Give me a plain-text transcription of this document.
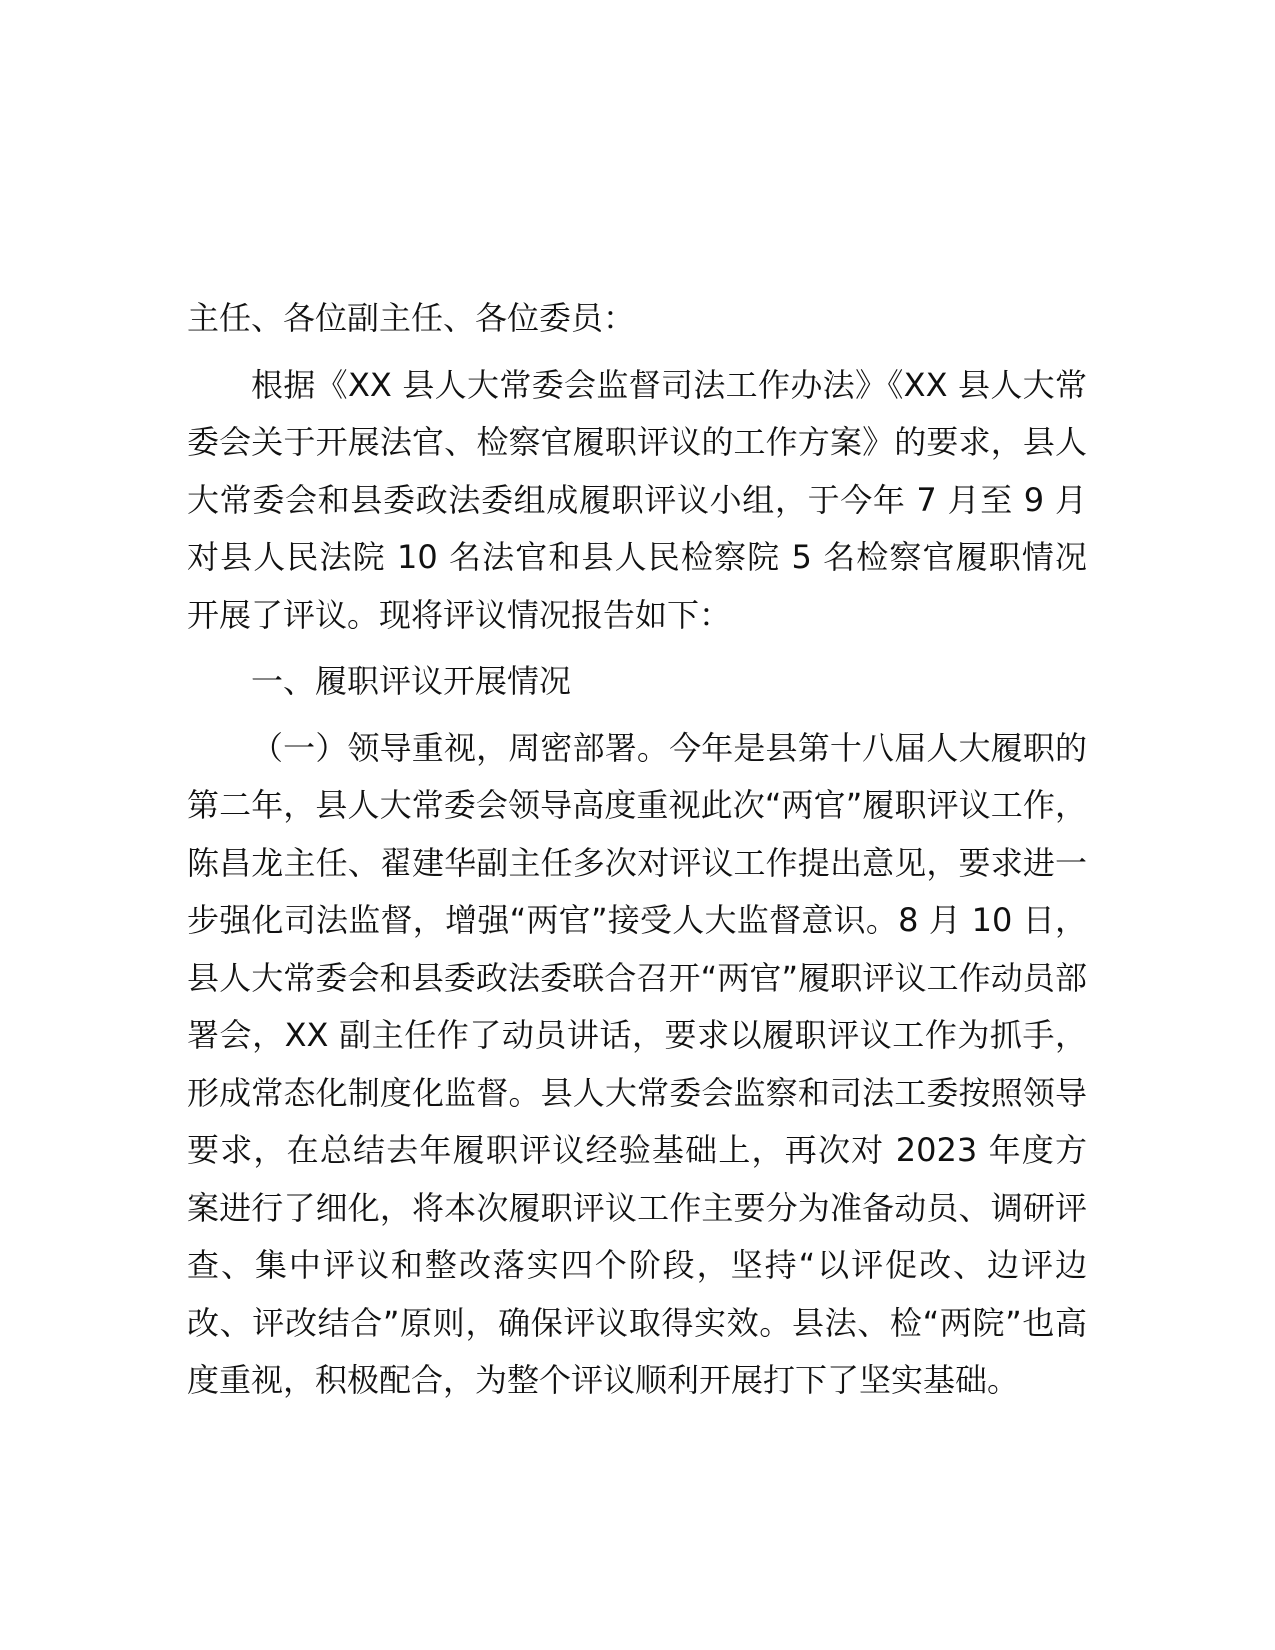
主任、各位副主任、各位委员：

根据《XX 县人大常委会监督司法工作办法》《XX 县人大常委会关于开展法官、检察官履职评议的工作方案》的要求，县人大常委会和县委政法委组成履职评议小组，于今年 7 月至 9 月对县人民法院 10 名法官和县人民检察院 5 名检察官履职情况开展了评议。现将评议情况报告如下：

一、履职评议开展情况

（一）领导重视，周密部署。今年是县第十八届人大履职的第二年，县人大常委会领导高度重视此次“两官”履职评议工作，陈昌龙主任、翟建华副主任多次对评议工作提出意见，要求进一步强化司法监督，增强“两官”接受人大监督意识。8 月 10 日，县人大常委会和县委政法委联合召开“两官”履职评议工作动员部署会，XX 副主任作了动员讲话，要求以履职评议工作为抓手，形成常态化制度化监督。县人大常委会监察和司法工委按照领导要求，在总结去年履职评议经验基础上，再次对 2023 年度方案进行了细化，将本次履职评议工作主要分为准备动员、调研评查、集中评议和整改落实四个阶段，坚持“以评促改、边评边改、评改结合”原则，确保评议取得实效。县法、检“两院”也高度重视，积极配合，为整个评议顺利开展打下了坚实基础。
